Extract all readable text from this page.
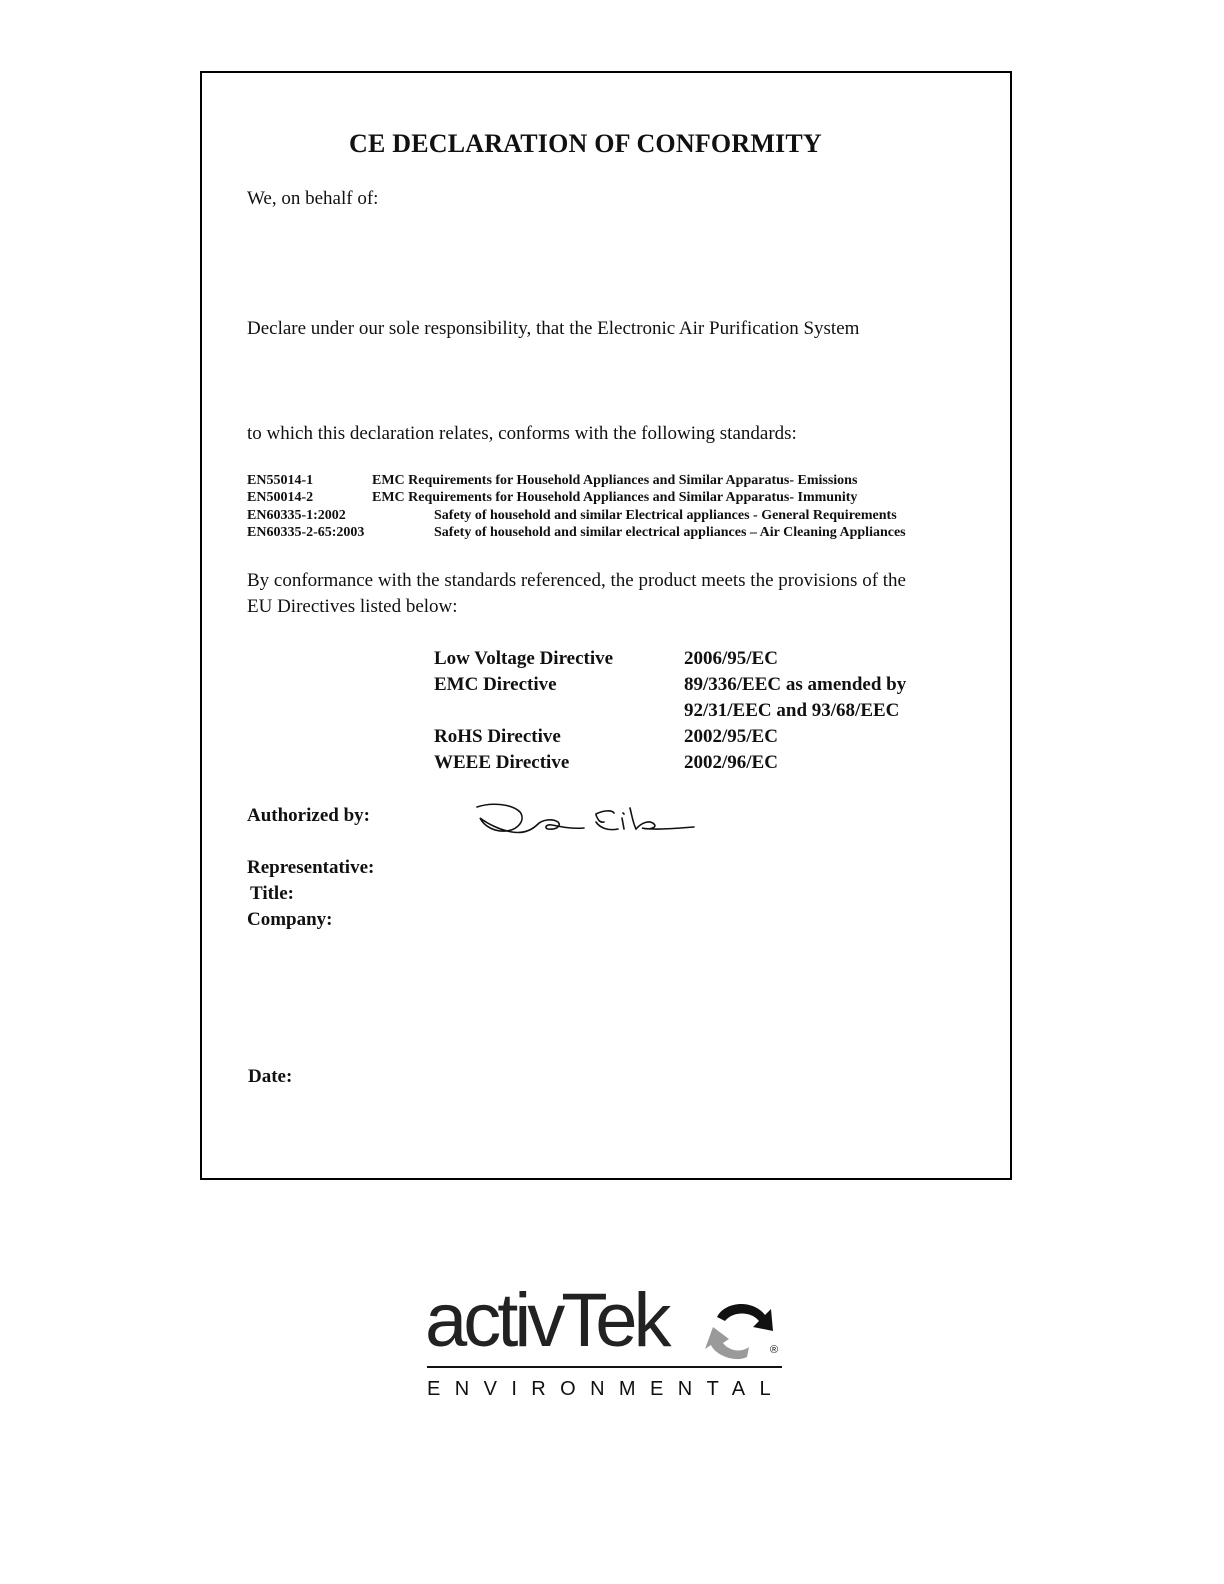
CE DECLARATION OF CONFORMITY
We, on behalf of:
Declare under our sole responsibility, that the Electronic Air Purification System
to which this declaration relates, conforms with the following standards:
EN55014-1	EMC Requirements for Household Appliances and Similar Apparatus- Emissions
EN50014-2	EMC Requirements for Household Appliances and Similar Apparatus- Immunity
EN60335-1:2002	Safety of household and similar Electrical appliances - General Requirements
EN60335-2-65:2003	Safety of household and similar electrical appliances – Air Cleaning Appliances
By conformance with the standards referenced, the product meets the provisions of the
EU Directives listed below:
Low Voltage Directive	2006/95/EC
EMC Directive	89/336/EEC as amended by
92/31/EEC and 93/68/EEC
RoHS Directive	2002/95/EC
WEEE Directive	2002/96/EC
Authorized by:
Representative:
Title:
Company:
Date:
activTek	®
ENVIRONMENTAL
